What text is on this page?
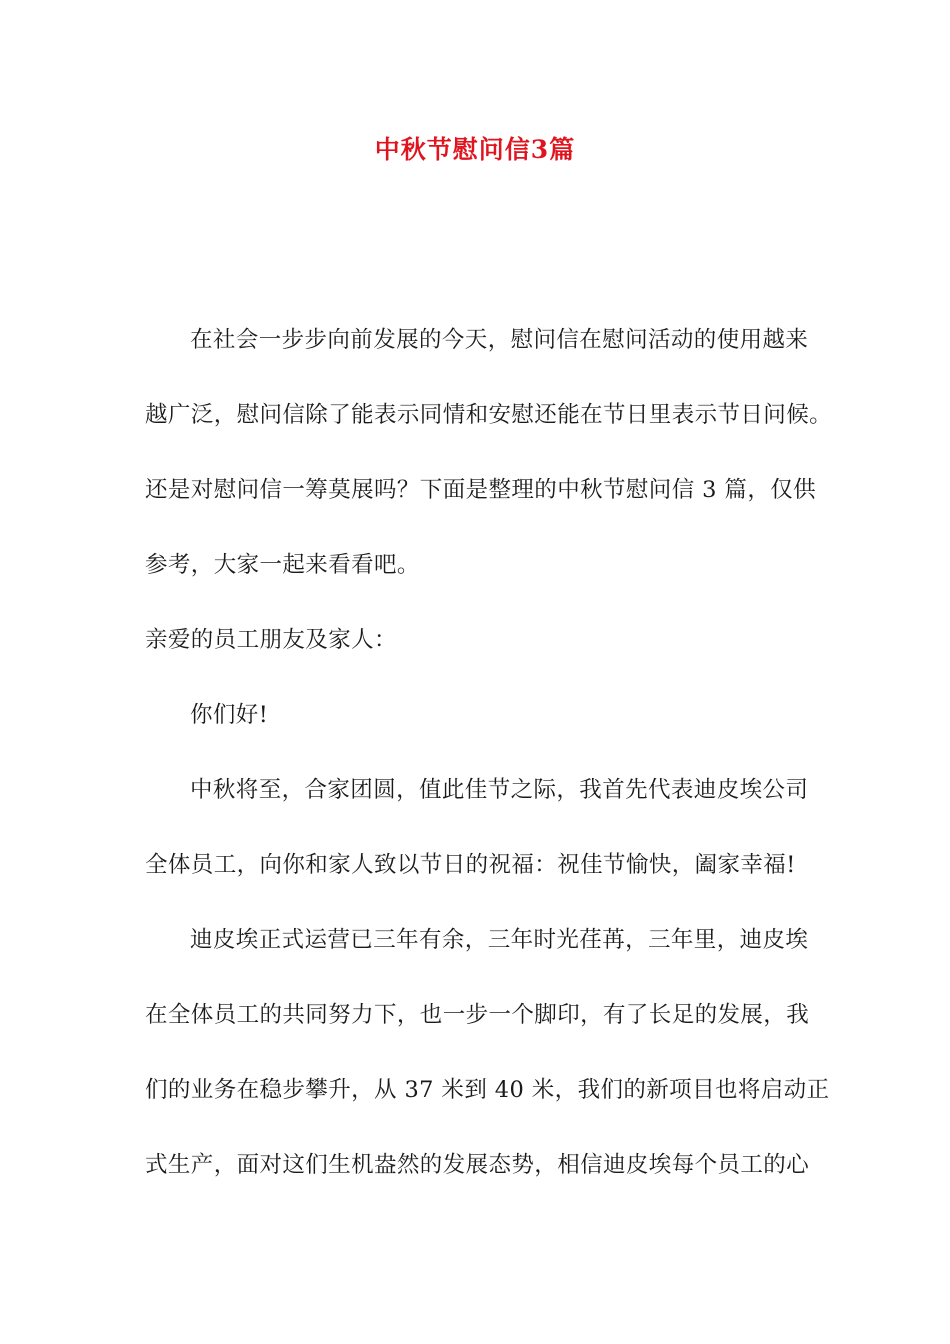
中秋节慰问信3篇
在社会一步步向前发展的今天，慰问信在慰问活动的使用越来
越广泛，慰问信除了能表示同情和安慰还能在节日里表示节日问候。
还是对慰问信一筹莫展吗？下面是整理的中秋节慰问信 3 篇，仅供
参考，大家一起来看看吧。
亲爱的员工朋友及家人：
你们好!
中秋将至，合家团圆，值此佳节之际，我首先代表迪皮埃公司
全体员工，向你和家人致以节日的祝福：祝佳节愉快，阖家幸福!
迪皮埃正式运营已三年有余，三年时光荏苒，三年里，迪皮埃
在全体员工的共同努力下，也一步一个脚印，有了长足的发展，我
们的业务在稳步攀升，从 37 米到 40 米，我们的新项目也将启动正
式生产，面对这们生机盎然的发展态势，相信迪皮埃每个员工的心
